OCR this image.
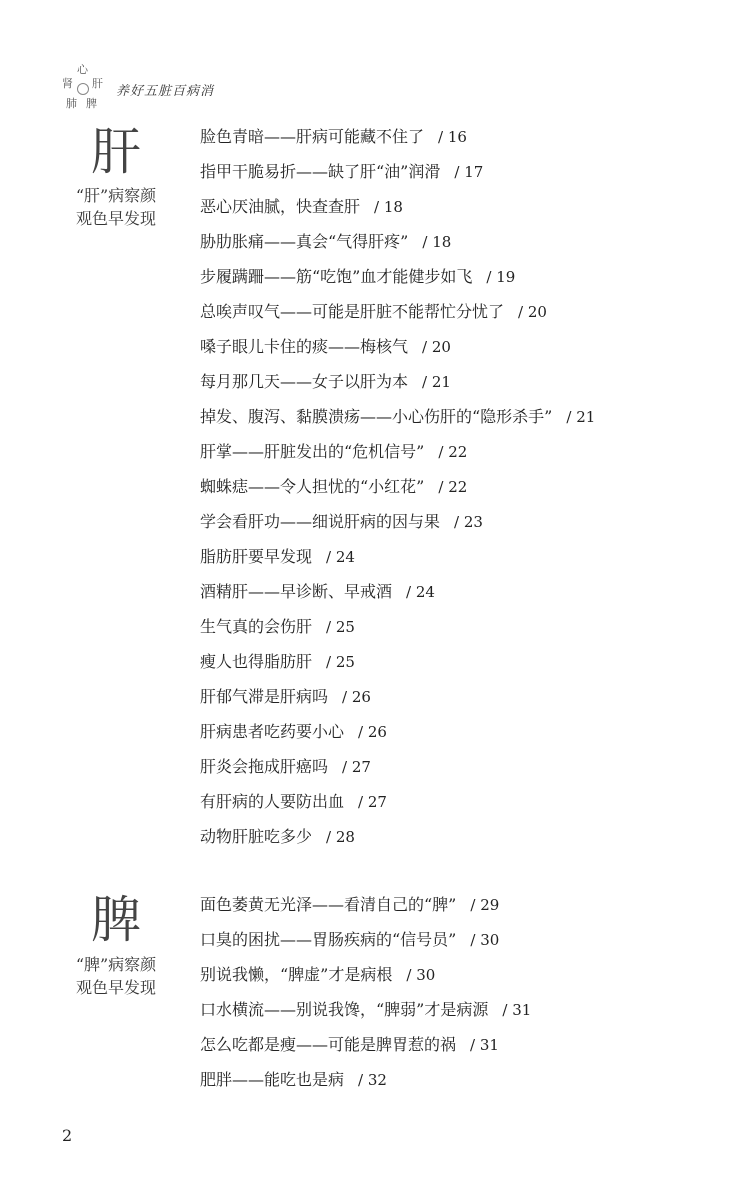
肾
心
肝
肺 脾
养好五脏百病消
肝
“肝”病察颜
观色早发现
脸色青暗——肝病可能藏不住了 / 16
指甲干脆易折——缺了肝“油”润滑 / 17
恶心厌油腻，快查查肝 / 18
胁肋胀痛——真会“气得肝疼” / 18
步履蹒跚——筋“吃饱”血才能健步如飞 / 19
总唉声叹气——可能是肝脏不能帮忙分忧了 / 20
嗓子眼儿卡住的痰——梅核气 / 20
每月那几天——女子以肝为本 / 21
掉发、腹泻、黏膜溃疡——小心伤肝的“隐形杀手” / 21
肝掌——肝脏发出的“危机信号” / 22
蜘蛛痣——令人担忧的“小红花” / 22
学会看肝功——细说肝病的因与果 / 23
脂肪肝要早发现 / 24
酒精肝——早诊断、早戒酒 / 24
生气真的会伤肝 / 25
瘦人也得脂肪肝 / 25
肝郁气滞是肝病吗 / 26
肝病患者吃药要小心 / 26
肝炎会拖成肝癌吗 / 27
有肝病的人要防出血 / 27
动物肝脏吃多少 / 28
脾
“脾”病察颜
观色早发现
面色萎黄无光泽——看清自己的“脾” / 29
口臭的困扰——胃肠疾病的“信号员” / 30
别说我懒，“脾虚”才是病根 / 30
口水横流——别说我馋，“脾弱”才是病源 / 31
怎么吃都是瘦——可能是脾胃惹的祸 / 31
肥胖——能吃也是病 / 32
2
